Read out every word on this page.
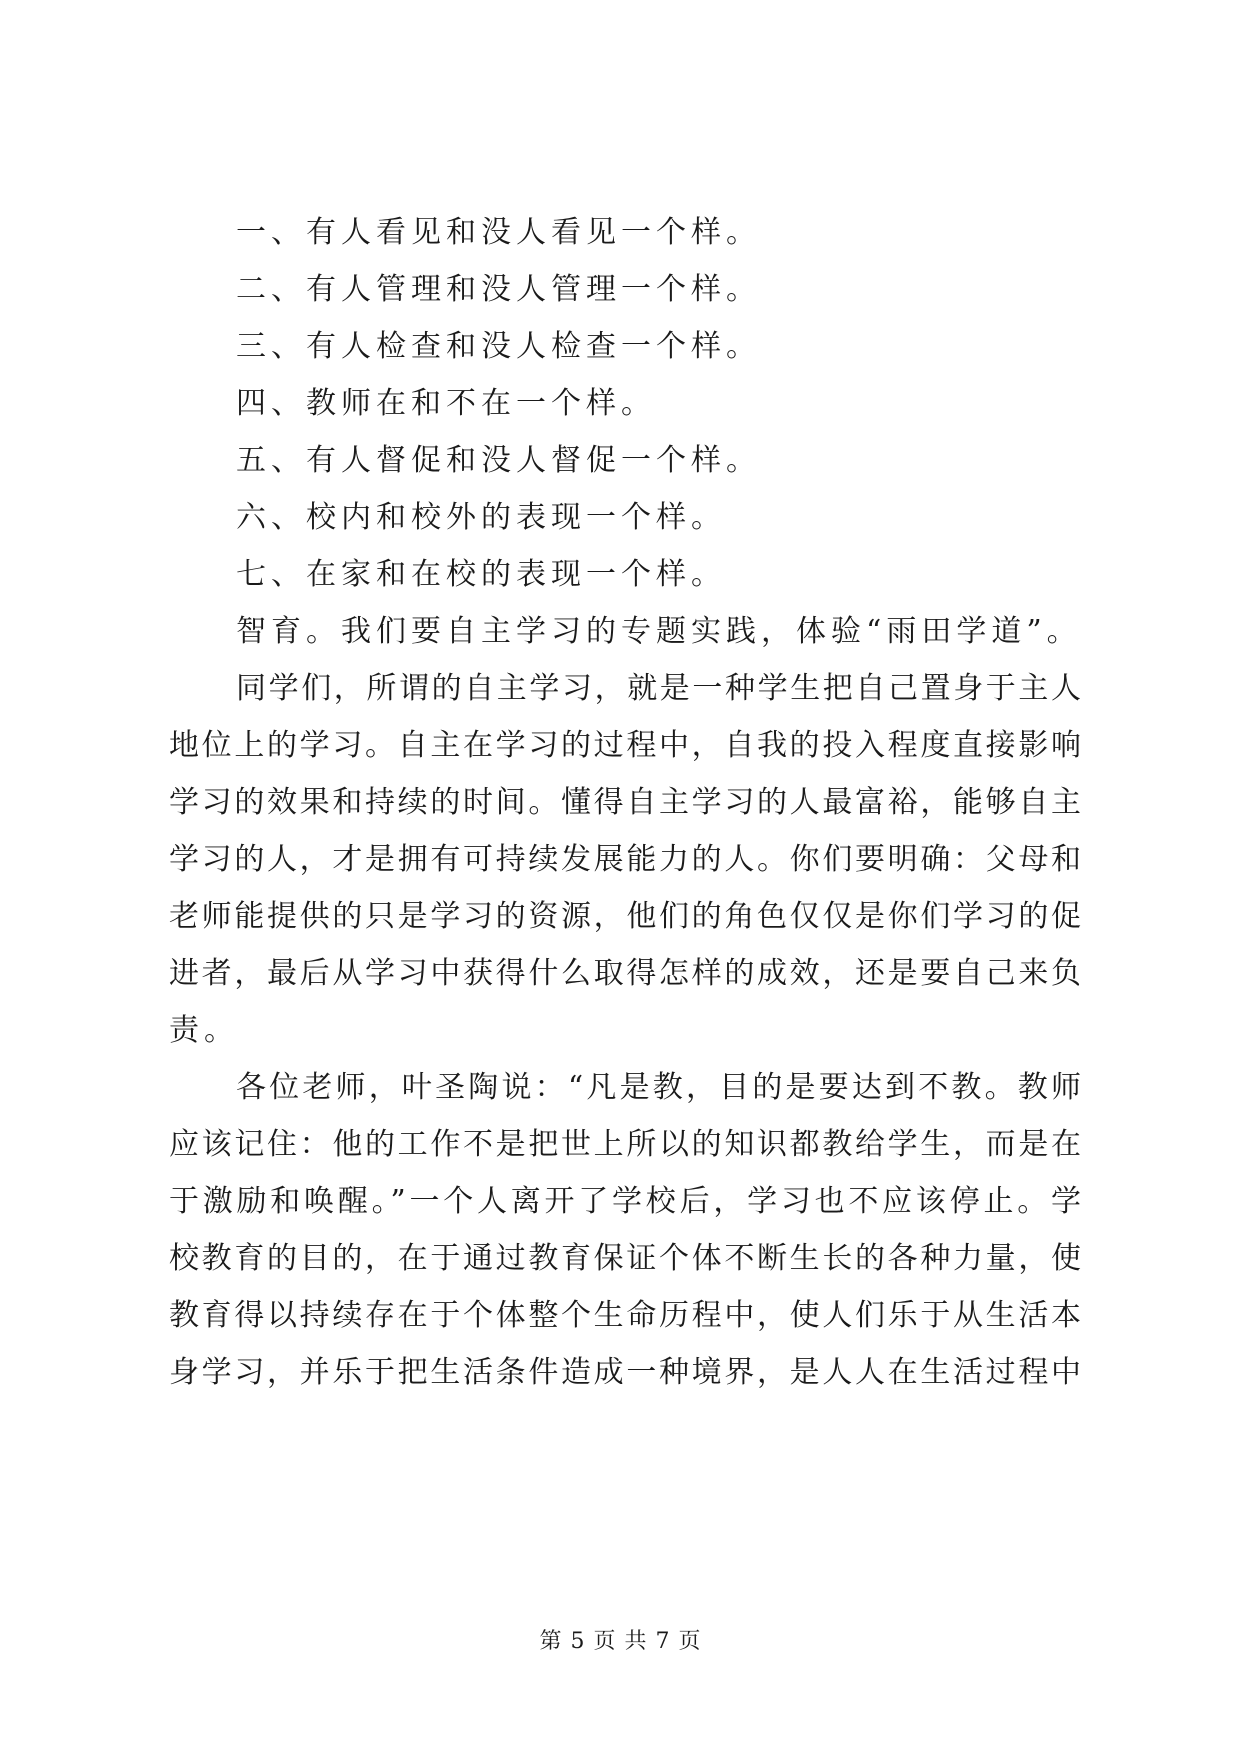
一、有人看见和没人看见一个样。
二、有人管理和没人管理一个样。
三、有人检查和没人检查一个样。
四、教师在和不在一个样。
五、有人督促和没人督促一个样。
六、校内和校外的表现一个样。
七、在家和在校的表现一个样。
智育。我们要自主学习的专题实践，体验“雨田学道”。
同学们，所谓的自主学习，就是一种学生把自己置身于主人
地位上的学习。自主在学习的过程中，自我的投入程度直接影响
学习的效果和持续的时间。懂得自主学习的人最富裕，能够自主
学习的人，才是拥有可持续发展能力的人。你们要明确：父母和
老师能提供的只是学习的资源，他们的角色仅仅是你们学习的促
进者，最后从学习中获得什么取得怎样的成效，还是要自己来负
责。
各位老师，叶圣陶说：“凡是教，目的是要达到不教。教师
应该记住：他的工作不是把世上所以的知识都教给学生，而是在
于激励和唤醒。”一个人离开了学校后，学习也不应该停止。学
校教育的目的，在于通过教育保证个体不断生长的各种力量，使
教育得以持续存在于个体整个生命历程中，使人们乐于从生活本
身学习，并乐于把生活条件造成一种境界，是人人在生活过程中
第 5 页 共 7 页
